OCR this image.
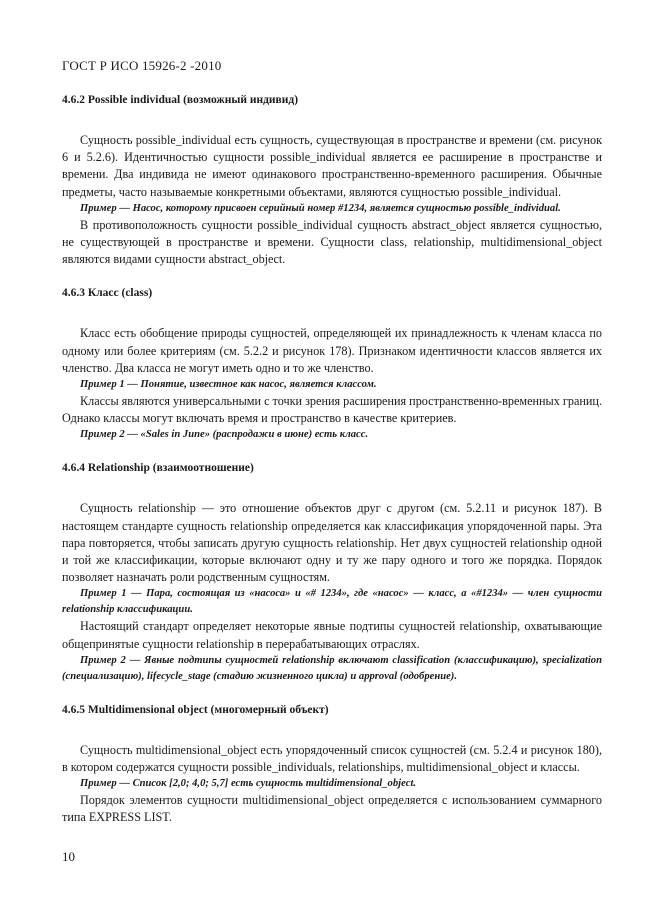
ГОСТ Р ИСО 15926-2 -2010

4.6.2 Possible individual (возможный индивид)

Сущность possible_individual есть сущность, существующая в пространстве и времени (см. рисунок 6 и 5.2.6). Идентичностью сущности possible_individual является ее расширение в пространстве и времени. Два индивида не имеют одинакового пространственно-временного расширения. Обычные предметы, часто называемые конкретными объектами, являются сущностью possible_individual.

Пример — Насос, которому присвоен серийный номер #1234, является сущностью possible_individual.

В противоположность сущности possible_individual сущность abstract_object является сущностью, не существующей в пространстве и времени. Сущности class, relationship, multidimensional_object являются видами сущности abstract_object.

4.6.3 Класс (class)

Класс есть обобщение природы сущностей, определяющей их принадлежность к членам класса по одному или более критериям (см. 5.2.2 и рисунок 178). Признаком идентичности классов является их членство. Два класса не могут иметь одно и то же членство.

Пример 1 — Понятие, известное как насос, является классом.

Классы являются универсальными с точки зрения расширения пространственно-временных границ. Однако классы могут включать время и пространство в качестве критериев.

Пример 2 — «Sales in June» (распродажи в июне) есть класс.

4.6.4 Relationship (взаимоотношение)

Сущность relationship — это отношение объектов друг с другом (см. 5.2.11 и рисунок 187). В настоящем стандарте сущность relationship определяется как классификация упорядоченной пары. Эта пара повторяется, чтобы записать другую сущность relationship. Нет двух сущностей relationship одной и той же классификации, которые включают одну и ту же пару одного и того же порядка. Порядок позволяет назначать роли родственным сущностям.

Пример 1 — Пара, состоящая из «насоса» и «# 1234», где «насос» — класс, а «#1234» — член сущности relationship классификации.

Настоящий стандарт определяет некоторые явные подтипы сущностей relationship, охватывающие общепринятые сущности relationship в перерабатывающих отраслях.

Пример 2 — Явные подтипы сущностей relationship включают classification (классификацию), specialization (специализацию), lifecycle_stage (стадию жизненного цикла) и approval (одобрение).

4.6.5 Multidimensional object (многомерный объект)

Сущность multidimensional_object есть упорядоченный список сущностей (см. 5.2.4 и рисунок 180), в котором содержатся сущности possible_individuals, relationships, multidimensional_object и классы.

Пример — Список [2,0; 4,0; 5,7] есть сущность multidimensional_object.

Порядок элементов сущности multidimensional_object определяется с использованием суммарного типа EXPRESS LIST.

10
